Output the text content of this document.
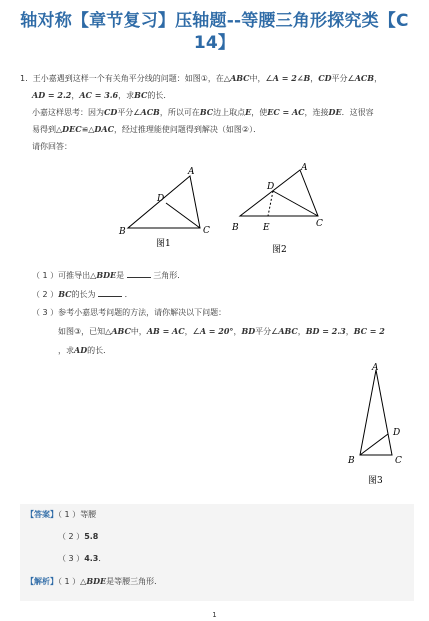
轴对称【章节复习】压轴题--等腰三角形探究类【C
14】

1. 王小嘉遇到这样一个有关角平分线的问题：如图①，在△ABC中，∠A = 2∠B，CD平分∠ACB，

AD = 2.2，AC = 3.6，求BC的长．

小嘉这样思考：因为CD平分∠ACB，所以可在BC边上取点E，使EC = AC，连接DE．这很容

易得到△DEC≌△DAC，经过推理能使问题得到解决（如图②）．

请你回答：

A
D
B	C
图1
A
D
B	E	C
图2

（ 1 ）可推导出△BDE是	三角形．

（ 2 ）BC的长为	．

（ 3 ）参考小嘉思考问题的方法，请你解决以下问题：

如图③，已知△ABC中，AB = AC，∠A = 20°，BD平分∠ABC，BD = 2.3，BC = 2

，求AD的长．

A
D
B	C
图3

【答案】（ 1 ）等腰

（ 2 ）5.8

（ 3 ）4.3．

【解析】（ 1 ）△BDE是等腰三角形．

1
